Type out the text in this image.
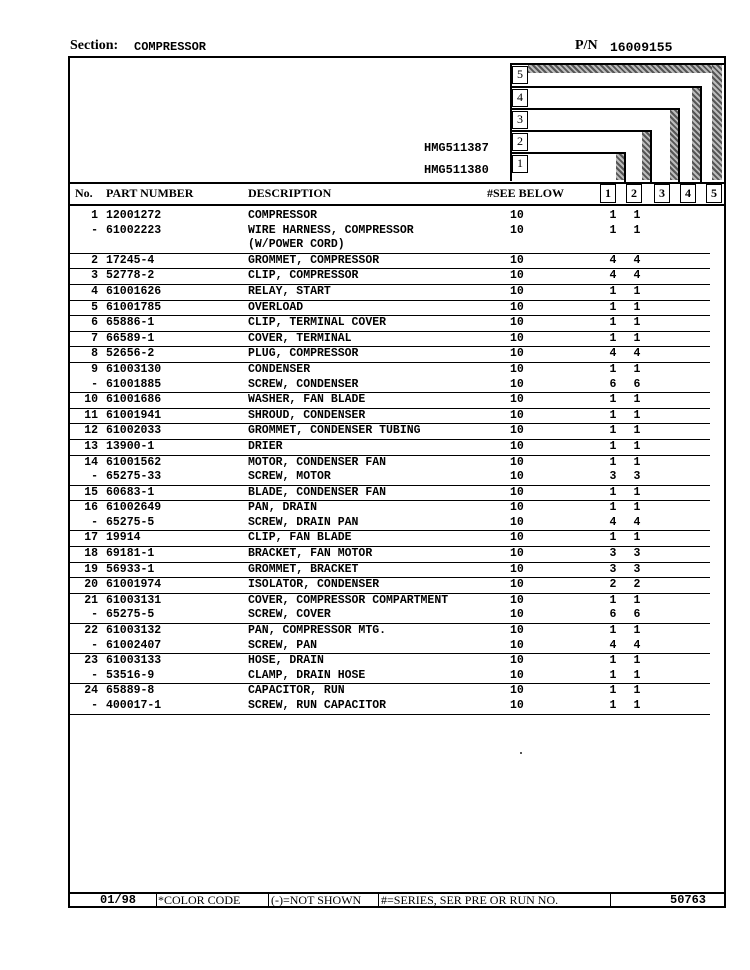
Section: COMPRESSOR	P/N 16009155
5
4
3
2
1
HMG511387
HMG511380
No. PART NUMBER	DESCRIPTION	#SEE BELOW	1	2	3	4	5
1 12001272	COMPRESSOR	10	1 1
- 61002223	WIRE HARNESS, COMPRESSOR	10	1 1
(W/POWER CORD)
2 17245-4	GROMMET, COMPRESSOR	10	4 4
3 52778-2	CLIP, COMPRESSOR	10	4 4
4 61001626	RELAY, START	10	1 1
5 61001785	OVERLOAD	10	1 1
6 65886-1	CLIP, TERMINAL COVER	10	1 1
7 66589-1	COVER, TERMINAL	10	1 1
8 52656-2	PLUG, COMPRESSOR	10	4 4
9 61003130	CONDENSER	10	1 1
- 61001885	SCREW, CONDENSER	10	6 6
10 61001686	WASHER, FAN BLADE	10	1 1
11 61001941	SHROUD, CONDENSER	10	1 1
12 61002033	GROMMET, CONDENSER TUBING	10	1 1
13 13900-1	DRIER	10	1 1
14 61001562	MOTOR, CONDENSER FAN	10	1 1
- 65275-33	SCREW, MOTOR	10	3 3
15 60683-1	BLADE, CONDENSER FAN	10	1 1
16 61002649	PAN, DRAIN	10	1 1
- 65275-5	SCREW, DRAIN PAN	10	4 4
17 19914	CLIP, FAN BLADE	10	1 1
18 69181-1	BRACKET, FAN MOTOR	10	3 3
19 56933-1	GROMMET, BRACKET	10	3 3
20 61001974	ISOLATOR, CONDENSER	10	2 2
21 61003131	COVER, COMPRESSOR COMPARTMENT	10	1 1
- 65275-5	SCREW, COVER	10	6 6
22 61003132	PAN, COMPRESSOR MTG.	10	1 1
- 61002407	SCREW, PAN	10	4 4
23 61003133	HOSE, DRAIN	10	1 1
- 53516-9	CLAMP, DRAIN HOSE	10	1 1
24 65889-8	CAPACITOR, RUN	10	1 1
- 400017-1	SCREW, RUN CAPACITOR	10	1 1
01/98 *COLOR CODE	(-)=NOT SHOWN #=SERIES, SER PRE OR RUN NO.	50763
